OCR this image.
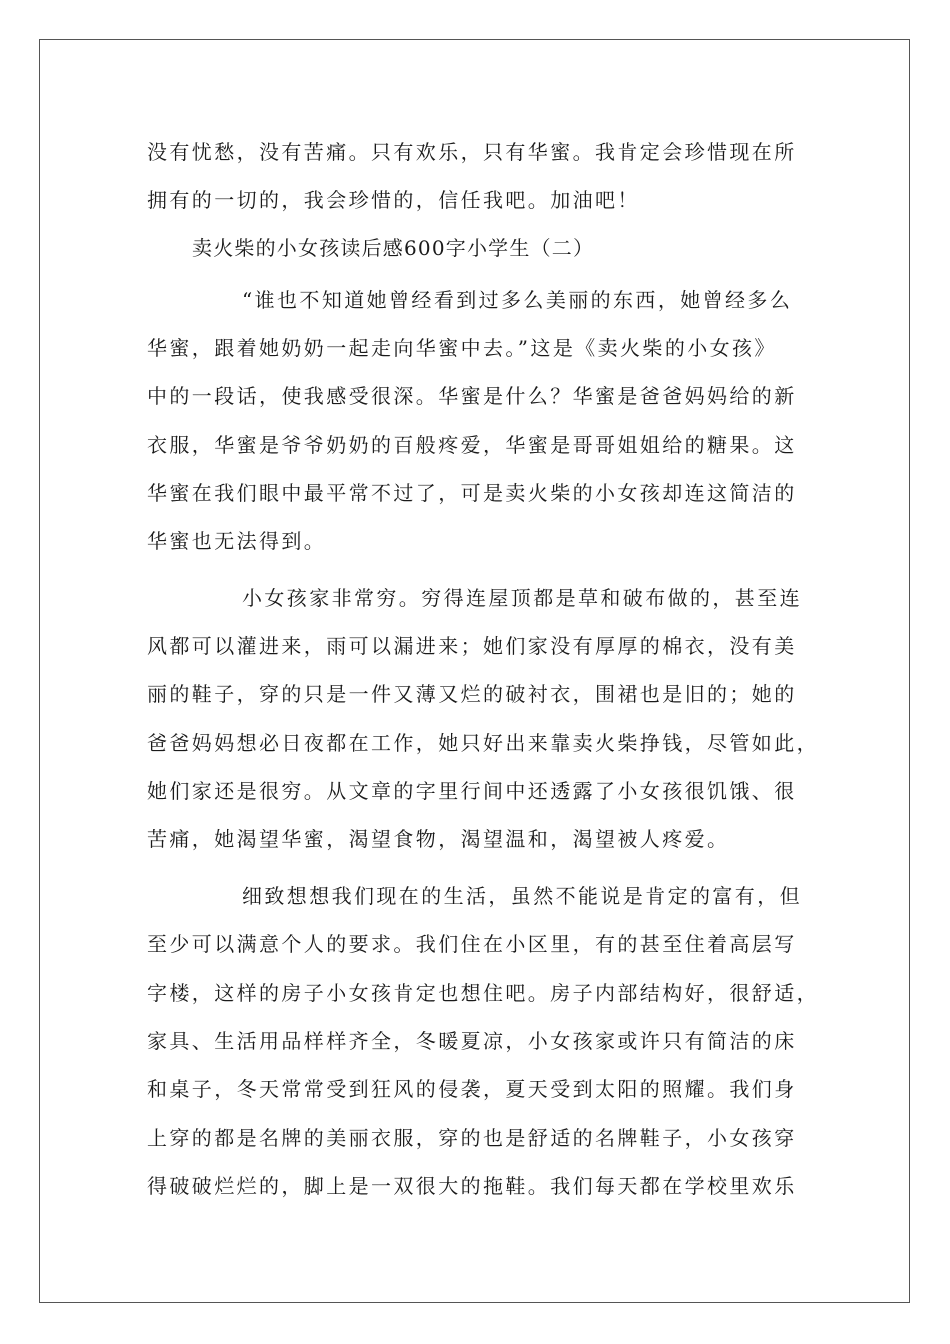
没有忧愁，没有苦痛。只有欢乐，只有华蜜。我肯定会珍惜现在所
拥有的一切的，我会珍惜的，信任我吧。加油吧！
卖火柴的小女孩读后感600字小学生（二）
“谁也不知道她曾经看到过多么美丽的东西，她曾经多么
华蜜，跟着她奶奶一起走向华蜜中去。”这是《卖火柴的小女孩》
中的一段话，使我感受很深。华蜜是什么？华蜜是爸爸妈妈给的新
衣服，华蜜是爷爷奶奶的百般疼爱，华蜜是哥哥姐姐给的糖果。这
华蜜在我们眼中最平常不过了，可是卖火柴的小女孩却连这简洁的
华蜜也无法得到。
小女孩家非常穷。穷得连屋顶都是草和破布做的，甚至连
风都可以灌进来，雨可以漏进来；她们家没有厚厚的棉衣，没有美
丽的鞋子，穿的只是一件又薄又烂的破衬衣，围裙也是旧的；她的
爸爸妈妈想必日夜都在工作，她只好出来靠卖火柴挣钱，尽管如此，
她们家还是很穷。从文章的字里行间中还透露了小女孩很饥饿、很
苦痛，她渴望华蜜，渴望食物，渴望温和，渴望被人疼爱。
细致想想我们现在的生活，虽然不能说是肯定的富有，但
至少可以满意个人的要求。我们住在小区里，有的甚至住着高层写
字楼，这样的房子小女孩肯定也想住吧。房子内部结构好，很舒适，
家具、生活用品样样齐全，冬暖夏凉，小女孩家或许只有简洁的床
和桌子，冬天常常受到狂风的侵袭，夏天受到太阳的照耀。我们身
上穿的都是名牌的美丽衣服，穿的也是舒适的名牌鞋子，小女孩穿
得破破烂烂的，脚上是一双很大的拖鞋。我们每天都在学校里欢乐
